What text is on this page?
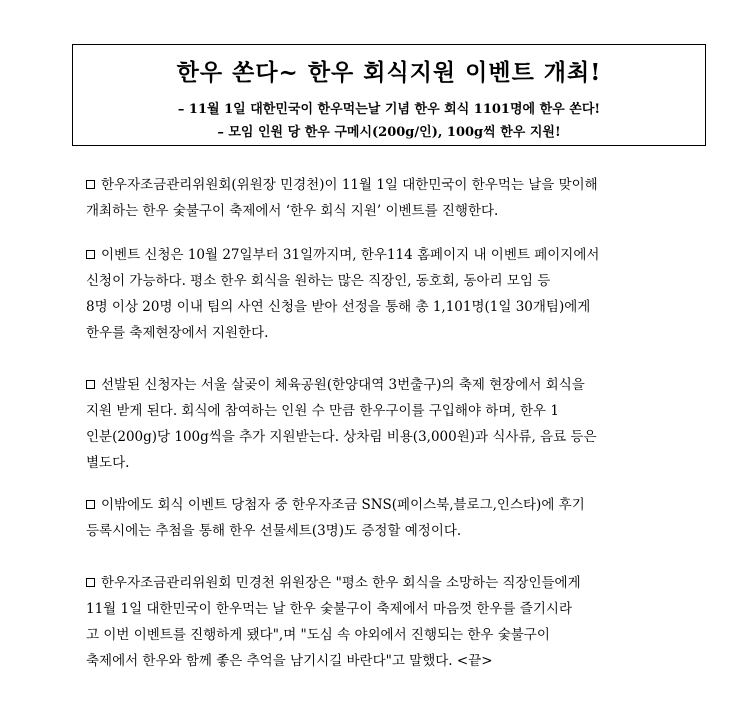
한우 쏜다~ 한우 회식지원 이벤트 개최!
– 11월 1일 대한민국이 한우먹는날 기념 한우 회식 1101명에 한우 쏜다!
– 모임 인원 당 한우 구메시(200g/인), 100g씩 한우 지원!
한우자조금관리위원회(위원장 민경천)이 11월 1일 대한민국이 한우먹는 날을 맞이해
개최하는 한우 숯불구이 축제에서 ‘한우 회식 지원’ 이벤트를 진행한다.
이벤트 신청은 10월 27일부터 31일까지며, 한우114 홈페이지 내 이벤트 페이지에서
신청이 가능하다. 평소 한우 회식을 원하는 많은 직장인, 동호회, 동아리 모임 등
8명 이상 20명 이내 팀의 사연 신청을 받아 선정을 통해 총 1,101명(1일 30개팀)에게
한우를 축제현장에서 지원한다.
선발된 신청자는 서울 살곶이 체육공원(한양대역 3번출구)의 축제 현장에서 회식을
지원 받게 된다. 회식에 참여하는 인원 수 만큼 한우구이를 구입해야 하며, 한우 1
인분(200g)당 100g씩을 추가 지원받는다. 상차림 비용(3,000원)과 식사류, 음료 등은
별도다.
이밖에도 회식 이벤트 당첨자 중 한우자조금 SNS(페이스북,블로그,인스타)에 후기
등록시에는 추첨을 통해 한우 선물세트(3명)도 증정할 예정이다.
한우자조금관리위원회 민경천 위원장은 "평소 한우 회식을 소망하는 직장인들에게
11월 1일 대한민국이 한우먹는 날 한우 숯불구이 축제에서 마음껏 한우를 즐기시라
고 이번 이벤트를 진행하게 됐다",며 "도심 속 야외에서 진행되는 한우 숯불구이
축제에서 한우와 함께 좋은 추억을 남기시길 바란다"고 말했다. <끝>
